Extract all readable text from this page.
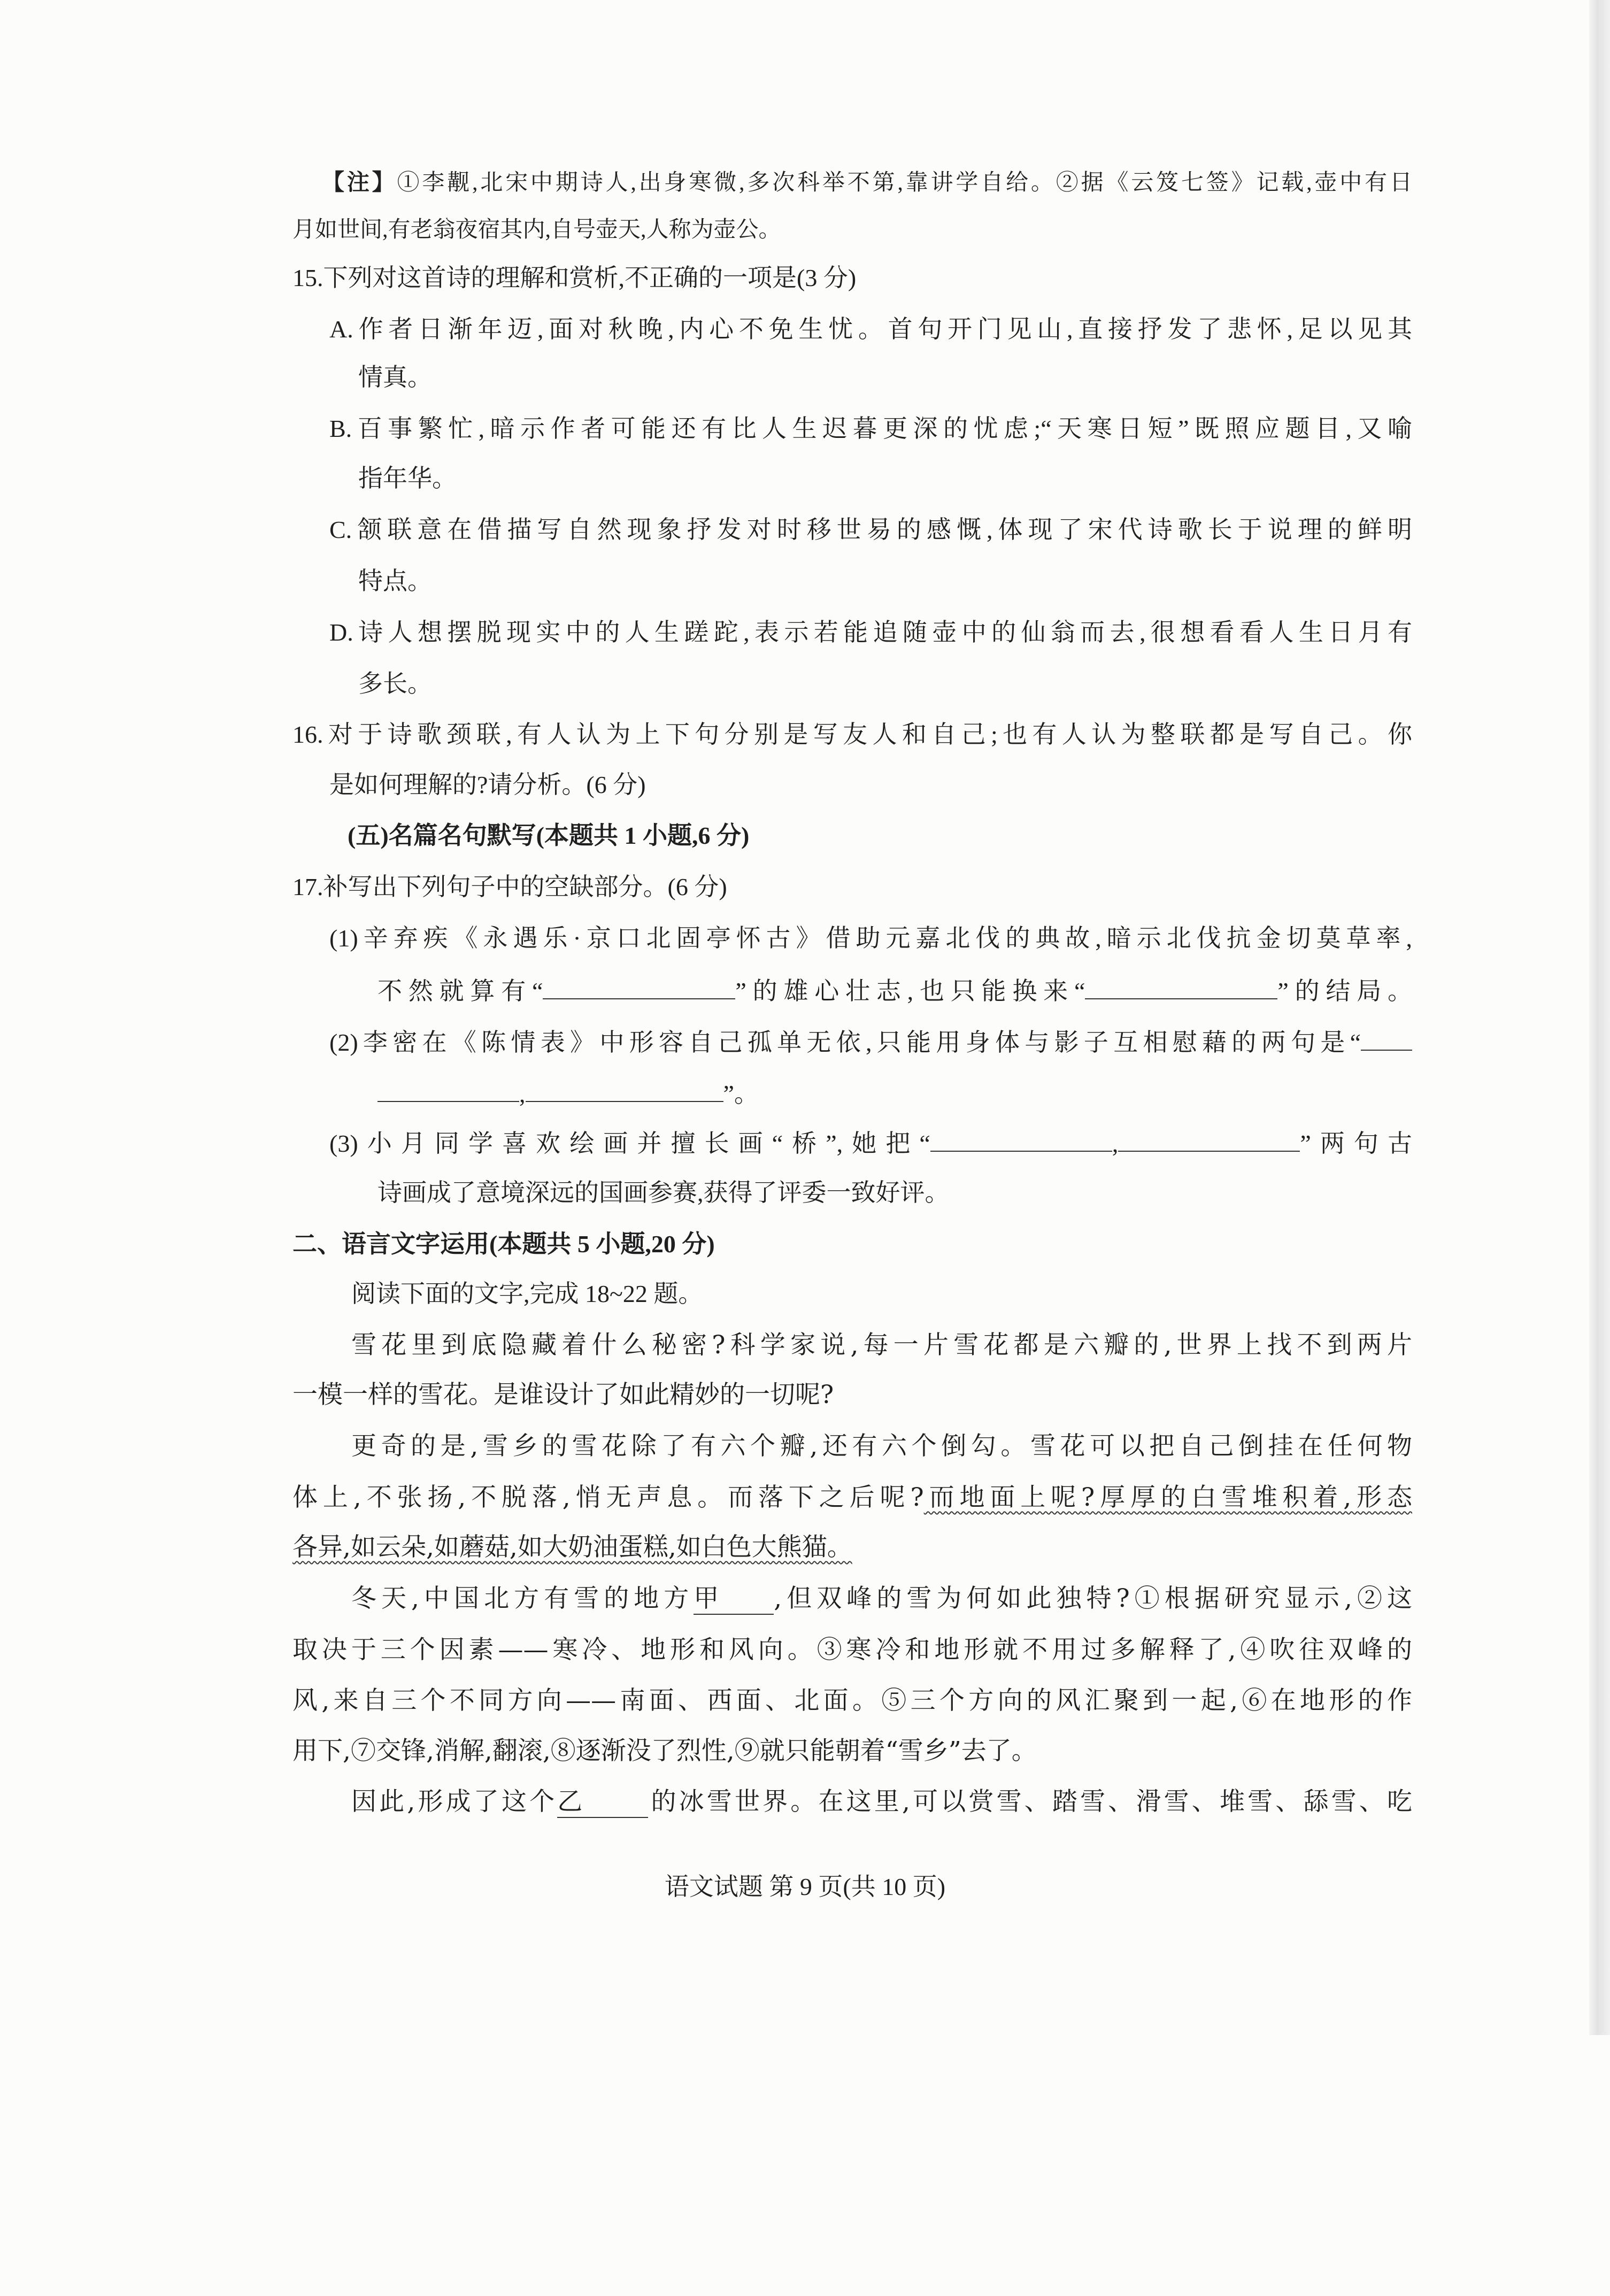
【注】①李觏,北宋中期诗人,出身寒微,多次科举不第,靠讲学自给。②据《云笈七签》记载,壶中有日
月如世间,有老翁夜宿其内,自号壶天,人称为壶公。
15.下列对这首诗的理解和赏析,不正确的一项是(3 分)
A.作者日渐年迈,面对秋晚,内心不免生忧。首句开门见山,直接抒发了悲怀,足以见其
情真。
B.百事繁忙,暗示作者可能还有比人生迟暮更深的忧虑;“天寒日短”既照应题目,又喻
指年华。
C.颔联意在借描写自然现象抒发对时移世易的感慨,体现了宋代诗歌长于说理的鲜明
特点。
D.诗人想摆脱现实中的人生蹉跎,表示若能追随壶中的仙翁而去,很想看看人生日月有
多长。
16.对于诗歌颈联,有人认为上下句分别是写友人和自己;也有人认为整联都是写自己。你
是如何理解的?请分析。(6 分)
(五)名篇名句默写(本题共 1 小题,6 分)
17.补写出下列句子中的空缺部分。(6 分)
(1)辛弃疾《永遇乐·京口北固亭怀古》借助元嘉北伐的典故,暗示北伐抗金切莫草率,
不然就算有“	”的雄心壮志,也只能换来“	”的结局。
(2)李密在《陈情表》中形容自己孤单无依,只能用身体与影子互相慰藉的两句是“
,	”。
(3)小月同学喜欢绘画并擅长画“桥”,她把“	,	”两句古
诗画成了意境深远的国画参赛,获得了评委一致好评。
二、语言文字运用(本题共 5 小题,20 分)
阅读下面的文字,完成 18~22 题。
雪花里到底隐藏着什么秘密?科学家说,每一片雪花都是六瓣的,世界上找不到两片
一模一样的雪花。是谁设计了如此精妙的一切呢?
更奇的是,雪乡的雪花除了有六个瓣,还有六个倒勾。雪花可以把自己倒挂在任何物
体上,不张扬,不脱落,悄无声息。而落下之后呢?而地面上呢?厚厚的白雪堆积着,形态
各异,如云朵,如蘑菇,如大奶油蛋糕,如白色大熊猫。
冬天,中国北方有雪的地方甲 ,但双峰的雪为何如此独特?①根据研究显示,②这
取决于三个因素——寒冷、地形和风向。③寒冷和地形就不用过多解释了,④吹往双峰的
风,来自三个不同方向——南面、西面、北面。⑤三个方向的风汇聚到一起,⑥在地形的作
用下,⑦交锋,消解,翻滚,⑧逐渐没了烈性,⑨就只能朝着“雪乡”去了。
因此,形成了这个乙	的冰雪世界。在这里,可以赏雪、踏雪、滑雪、堆雪、舔雪、吃
语文试题 第 9 页(共 10 页)
